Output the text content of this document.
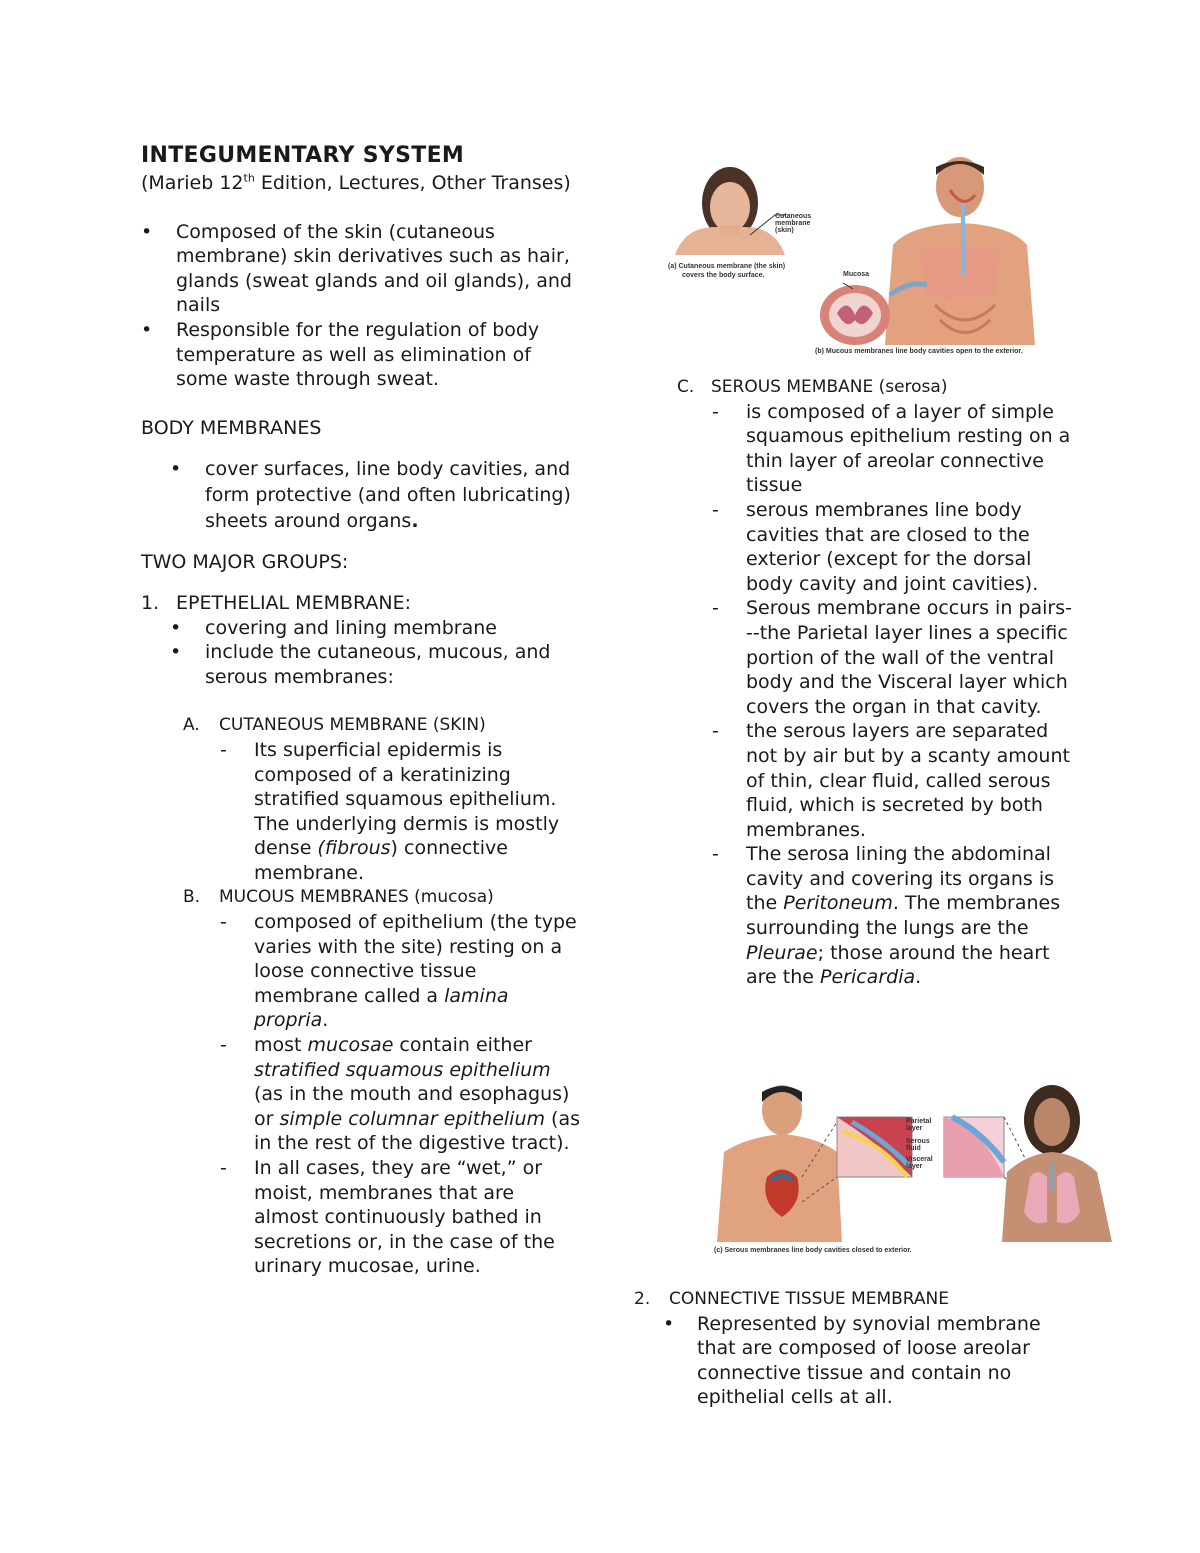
INTEGUMENTARY SYSTEM

(Marieb 12th Edition, Lectures, Other Transes)

• Composed of the skin (cutaneous membrane) skin derivatives such as hair, glands (sweat glands and oil glands), and nails

• Responsible for the regulation of body temperature as well as elimination of some waste through sweat.

BODY MEMBRANES

• cover surfaces, line body cavities, and form protective (and often lubricating) sheets around organs.

TWO MAJOR GROUPS:

1. EPETHELIAL MEMBRANE:

• covering and lining membrane

• include the cutaneous, mucous, and serous membranes:

A. CUTANEOUS MEMBRANE (SKIN)

- Its superficial epidermis is composed of a keratinizing stratified squamous epithelium. The underlying dermis is mostly dense (fibrous) connective membrane.

B. MUCOUS MEMBRANES (mucosa)

- composed of epithelium (the type varies with the site) resting on a loose connective tissue membrane called a lamina propria.

- most mucosae contain either stratified squamous epithelium (as in the mouth and esophagus) or simple columnar epithelium (as in the rest of the digestive tract).

- In all cases, they are “wet,” or moist, membranes that are almost continuously bathed in secretions or, in the case of the urinary mucosae, urine.

Cutaneous membrane (skin)
(a) Cutaneous membrane (the skin)
covers the body surface.	Mucosa
(b) Mucous membranes line body cavities open to the exterior.

C. SEROUS MEMBANE (serosa)

- is composed of a layer of simple squamous epithelium resting on a thin layer of areolar connective tissue

- serous membranes line body cavities that are closed to the exterior (except for the dorsal body cavity and joint cavities).

- Serous membrane occurs in pairs---the Parietal layer lines a specific portion of the wall of the ventral body and the Visceral layer which covers the organ in that cavity.

- the serous layers are separated not by air but by a scanty amount of thin, clear fluid, called serous fluid, which is secreted by both membranes.

- The serosa lining the abdominal cavity and covering its organs is the Peritoneum. The membranes surrounding the lungs are the Pleurae; those around the heart are the Pericardia.

Parietal layer
Serous fluid
Visceral layer
(c) Serous membranes line body cavities closed to exterior.

2. CONNECTIVE TISSUE MEMBRANE

• Represented by synovial membrane that are composed of loose areolar connective tissue and contain no epithelial cells at all.
